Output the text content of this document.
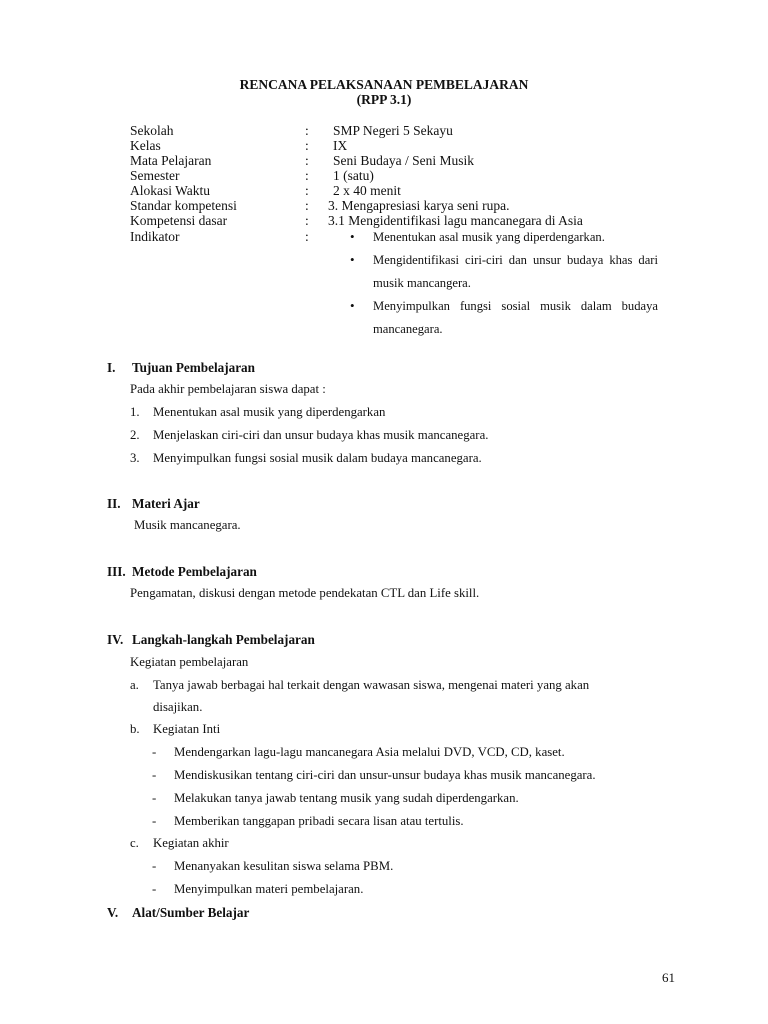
RENCANA PELAKSANAAN PEMBELAJARAN
(RPP 3.1)
Sekolah	: SMP Negeri 5 Sekayu
Kelas	: IX
Mata Pelajaran	: Seni Budaya / Seni Musik
Semester	: 1 (satu)
Alokasi Waktu	: 2 x 40 menit
Standar kompetensi	: 3. Mengapresiasi karya seni rupa.
Kompetensi dasar	: 3.1 Mengidentifikasi lagu mancanegara di Asia
Indikator	:	• Menentukan asal musik yang diperdengarkan.
• Mengidentifikasi ciri-ciri dan unsur budaya khas dari musik mancangera.
• Menyimpulkan fungsi sosial musik dalam budaya mancanegara.
I. Tujuan Pembelajaran
Pada akhir pembelajaran siswa dapat :
1. Menentukan asal musik yang diperdengarkan
2. Menjelaskan ciri-ciri dan unsur budaya khas musik mancanegara.
3. Menyimpulkan fungsi sosial musik dalam budaya mancanegara.
II. Materi Ajar
Musik mancanegara.
III. Metode Pembelajaran
Pengamatan, diskusi dengan metode pendekatan CTL dan Life skill.
IV. Langkah-langkah Pembelajaran
Kegiatan pembelajaran
a. Tanya jawab berbagai hal terkait dengan wawasan siswa, mengenai materi yang akan
disajikan.
b. Kegiatan Inti
- Mendengarkan lagu-lagu mancanegara Asia melalui DVD, VCD, CD, kaset.
- Mendiskusikan tentang ciri-ciri dan unsur-unsur budaya khas musik mancanegara.
- Melakukan tanya jawab tentang musik yang sudah diperdengarkan.
- Memberikan tanggapan pribadi secara lisan atau tertulis.
c. Kegiatan akhir
- Menanyakan kesulitan siswa selama PBM.
- Menyimpulkan materi pembelajaran.
V. Alat/Sumber Belajar
61
